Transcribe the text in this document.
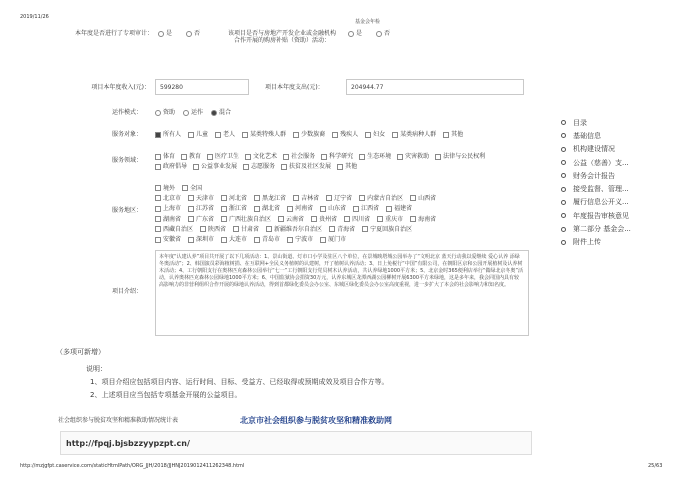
2019/11/26
基金会年检
本年度是否进行了专项审计： 是	否	该项目是否与房地产开发企业或金融机构合作开展的购房补贴（资助）活动：
是	否
项目本年度收入(元)： 599280	项目本年度支出(元)：	204944.77
运作模式：	资助	运作	混合
服务对象：	所有人	儿童	老人	某类特殊人群	少数族裔	残疾人	妇女	某类病种人群	其他
服务领域：
体育 教育 医疗卫生 文化艺术 社会服务 科学研究 生态环境 灾害救助 法律与公民权利
政府倡导 公益事业发展 志愿服务 扶贫及社区发展 其他
服务地区：
境外	全国
北京市	天津市	河北省	黑龙江省	吉林省	辽宁省	内蒙古自治区	山西省
上海市	江苏省	浙江省	湖北省	河南省	山东省	江西省	福建省
湖南省	广东省	广西壮族自治区	云南省	贵州省	四川省	重庆市	海南省
西藏自治区	陕西省	甘肃省	新疆维吾尔自治区	青海省	宁夏回族自治区
安徽省	深圳市	大连市	青岛市	宁波市	厦门市
项目介绍：
本年度“认建认养”项目共开展了以下几项活动：1、景山街道、灯市口小学及驻区八个单位，在景城映塔城公园举办了“文明北京 蓝天行动我以爱继续 爱心认养 添绿冬奥活动”；2、韩国演员彩海植树捐、在互联网+全民义务植树的认建树，开了植树认养活动；3、日上免税行“中国”有限公司，在朝阳区京和公园开展植树及认养树木活动；4、工行朝阳支行在奥林匹克森林公园举行“七一”工行朝阳支行党员树木认养活动，共认养绿地1000平方米；5、北京金时365便利店举行“做绿北京冬奥”活动，认养奥林匹克森林公园绿地1000平方米；6、中国监狱协会捐资30万元，认养东城区龙潭西湖公园柳树开展6300平方米绿地，这是多年来，我会同国内具有较高影响力的非营利组织合作开展的绿地认养活动，得到首都绿化委员会办公室、东城区绿化委员会办公室高度重视，进一步扩大了本会的社会影响力和知名度。
（多项可新增）
说明：
1、项目介绍应包括项目内容、运行时间、目标、受益方、已经取得或预期成效及项目合作方等。
2、上述项目应当包括专项基金开展的公益项目。
社会组织参与脱贫攻坚和精准救助情况统计表	北京市社会组织参与脱贫攻坚和精准救助网
http://fpqj.bjsbzzyypzpt.cn/
http://mzjgfpt.caservice.com/staticHtmlPath/ORG_JJH/2018/JJHNJ2019012411262348.html	25/63
目录
基础信息
机构建设情况
公益（慈善）支...
财务会计报告
接受监督、管理...
履行信息公开义...
年度报告审核意见
第二部分 基金会...
附件上传
